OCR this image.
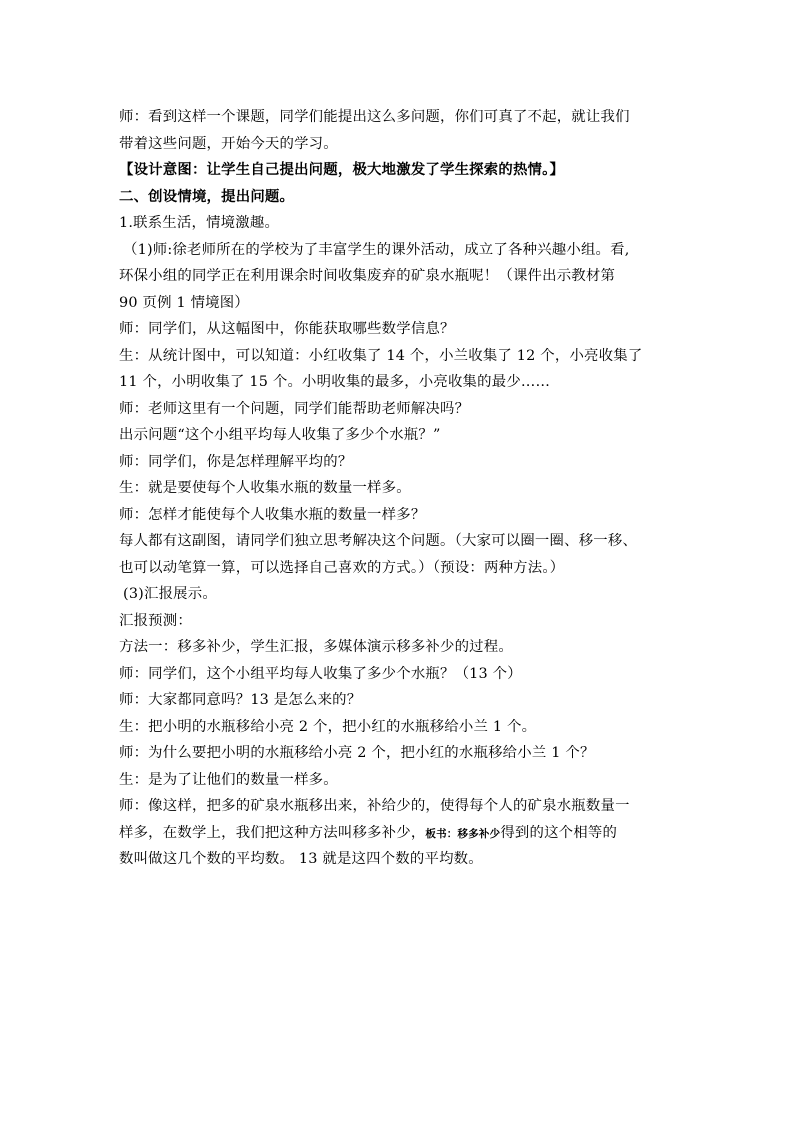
师：看到这样一个课题，同学们能提出这么多问题，你们可真了不起，就让我们
带着这些问题，开始今天的学习。
【设计意图：让学生自己提出问题，极大地激发了学生探索的热情。】
二、创设情境，提出问题。
1.联系生活，情境激趣。
（1)师:徐老师所在的学校为了丰富学生的课外活动，成立了各种兴趣小组。看,
环保小组的同学正在利用课余时间收集废弃的矿泉水瓶呢！（课件出示教材第
90 页例 1 情境图）
师：同学们，从这幅图中，你能获取哪些数学信息？
生：从统计图中，可以知道：小红收集了 14 个，小兰收集了 12 个，小亮收集了
11 个，小明收集了 15 个。小明收集的最多，小亮收集的最少……
师：老师这里有一个问题，同学们能帮助老师解决吗？
出示问题“这个小组平均每人收集了多少个水瓶？”
师：同学们，你是怎样理解平均的？
生：就是要使每个人收集水瓶的数量一样多。
师：怎样才能使每个人收集水瓶的数量一样多？
每人都有这副图，请同学们独立思考解决这个问题。（大家可以圈一圈、移一移、
也可以动笔算一算，可以选择自己喜欢的方式。）（预设：两种方法。）
(3)汇报展示。
汇报预测：
方法一：移多补少，学生汇报，多媒体演示移多补少的过程。
师：同学们，这个小组平均每人收集了多少个水瓶？（13 个）
师：大家都同意吗？13 是怎么来的？
生：把小明的水瓶移给小亮 2 个，把小红的水瓶移给小兰 1 个。
师：为什么要把小明的水瓶移给小亮 2 个，把小红的水瓶移给小兰 1 个？
生：是为了让他们的数量一样多。
师：像这样，把多的矿泉水瓶移出来，补给少的，使得每个人的矿泉水瓶数量一
样多，在数学上，我们把这种方法叫移多补少，板书：移多补少得到的这个相等的
数叫做这几个数的平均数。 13 就是这四个数的平均数。
